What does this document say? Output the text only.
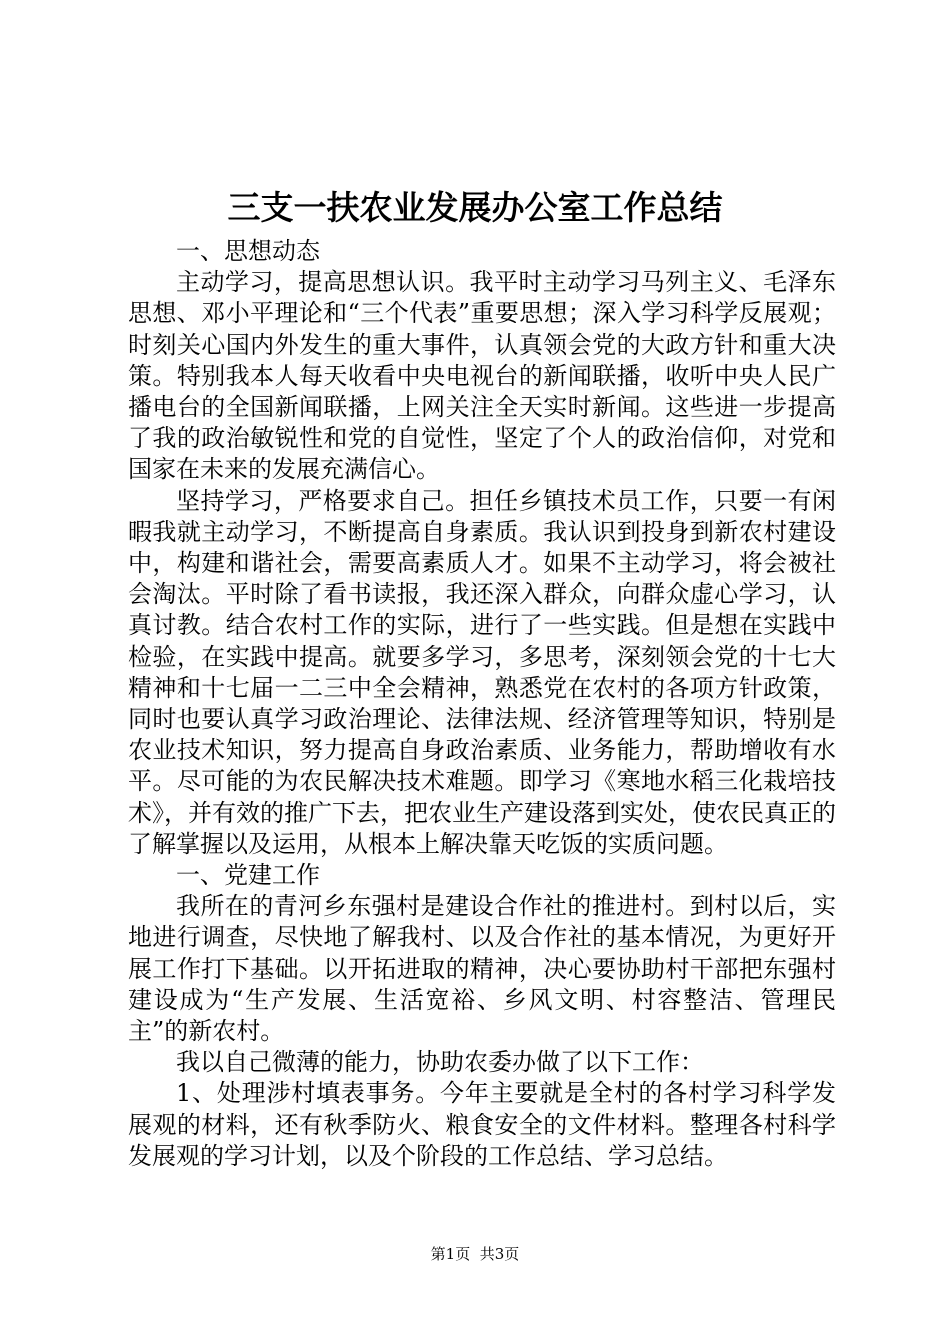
三支一扶农业发展办公室工作总结

一、思想动态

主动学习，提高思想认识。我平时主动学习马列主义、毛泽东思想、邓小平理论和“三个代表”重要思想；深入学习科学反展观；时刻关心国内外发生的重大事件，认真领会党的大政方针和重大决策。特别我本人每天收看中央电视台的新闻联播，收听中央人民广播电台的全国新闻联播，上网关注全天实时新闻。这些进一步提高了我的政治敏锐性和党的自觉性，坚定了个人的政治信仰，对党和国家在未来的发展充满信心。

坚持学习，严格要求自己。担任乡镇技术员工作，只要一有闲暇我就主动学习，不断提高自身素质。我认识到投身到新农村建设中，构建和谐社会，需要高素质人才。如果不主动学习，将会被社会淘汰。平时除了看书读报，我还深入群众，向群众虚心学习，认真讨教。结合农村工作的实际，进行了一些实践。但是想在实践中检验，在实践中提高。就要多学习，多思考，深刻领会党的十七大精神和十七届一二三中全会精神，熟悉党在农村的各项方针政策，同时也要认真学习政治理论、法律法规、经济管理等知识，特别是农业技术知识，努力提高自身政治素质、业务能力，帮助增收有水平。尽可能的为农民解决技术难题。即学习《寒地水稻三化栽培技术》，并有效的推广下去，把农业生产建设落到实处，使农民真正的了解掌握以及运用，从根本上解决靠天吃饭的实质问题。

一、党建工作

我所在的青河乡东强村是建设合作社的推进村。到村以后，实地进行调查，尽快地了解我村、以及合作社的基本情况，为更好开展工作打下基础。以开拓进取的精神，决心要协助村干部把东强村建设成为“生产发展、生活宽裕、乡风文明、村容整洁、管理民主”的新农村。

我以自己微薄的能力，协助农委办做了以下工作：

1、处理涉村填表事务。今年主要就是全村的各村学习科学发展观的材料，还有秋季防火、粮食安全的文件材料。整理各村科学发展观的学习计划，以及个阶段的工作总结、学习总结。

第1页 共3页
